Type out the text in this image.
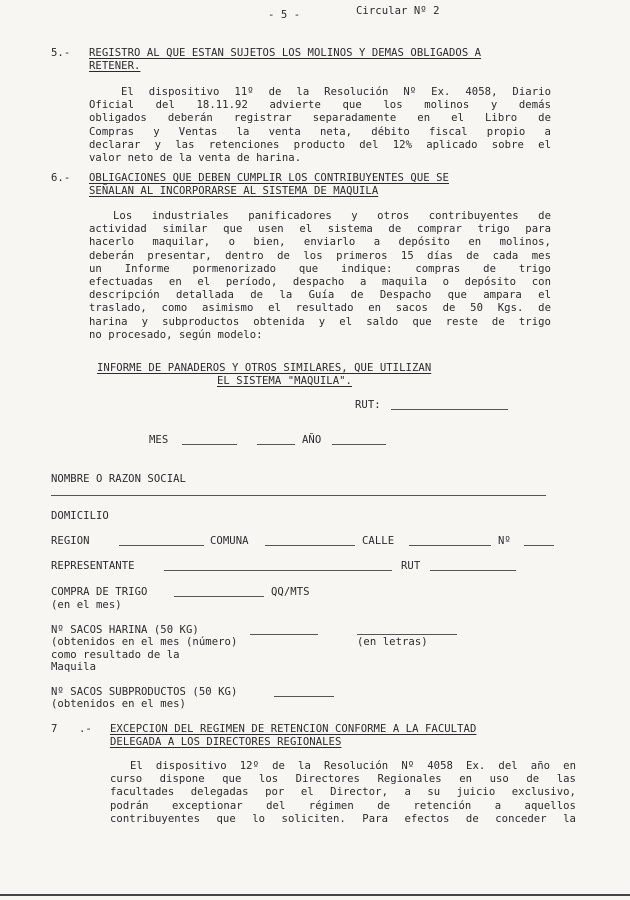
- 5 -	Circular Nº 2
5.- REGISTRO AL QUE ESTAN SUJETOS LOS MOLINOS Y DEMAS OBLIGADOS A
RETENER.
El dispositivo 11º de la Resolución Nº Ex. 4058, Diario
Oficial del 18.11.92 advierte que los molinos y demás
obligados deberán registrar separadamente en el Libro de
Compras y Ventas la venta neta, débito fiscal propio a
declarar y las retenciones producto del 12% aplicado sobre el
valor neto de la venta de harina.
6.- OBLIGACIONES QUE DEBEN CUMPLIR LOS CONTRIBUYENTES QUE SE
SEÑALAN AL INCORPORARSE AL SISTEMA DE MAQUILA
Los industriales panificadores y otros contribuyentes de
actividad similar que usen el sistema de comprar trigo para
hacerlo maquilar, o bien, enviarlo a depósito en molinos,
deberán presentar, dentro de los primeros 15 días de cada mes
un Informe pormenorizado que indique: compras de trigo
efectuadas en el período, despacho a maquila o depósito con
descripción detallada de la Guía de Despacho que ampara el
traslado, como asimismo el resultado en sacos de 50 Kgs. de
harina y subproductos obtenida y el saldo que reste de trigo
no procesado, según modelo:
INFORME DE PANADEROS Y OTROS SIMILARES, QUE UTILIZAN
EL SISTEMA "MAQUILA".
RUT:
MES	AÑO
NOMBRE O RAZON SOCIAL
DOMICILIO
REGION	COMUNA	CALLE	Nº
REPRESENTANTE	RUT
COMPRA DE TRIGO	QQ/MTS
(en el mes)
Nº SACOS HARINA (50 KG)
(obtenidos en el mes (número)	(en letras)
como resultado de la
Maquila
Nº SACOS SUBPRODUCTOS (50 KG)
(obtenidos en el mes)
7 .- EXCEPCION DEL REGIMEN DE RETENCION CONFORME A LA FACULTAD
DELEGADA A LOS DIRECTORES REGIONALES
El dispositivo 12º de la Resolución Nº 4058 Ex. del año en
curso dispone que los Directores Regionales en uso de las
facultades delegadas por el Director, a su juicio exclusivo,
podrán exceptionar del régimen de retención a aquellos
contribuyentes que lo soliciten. Para efectos de conceder la
